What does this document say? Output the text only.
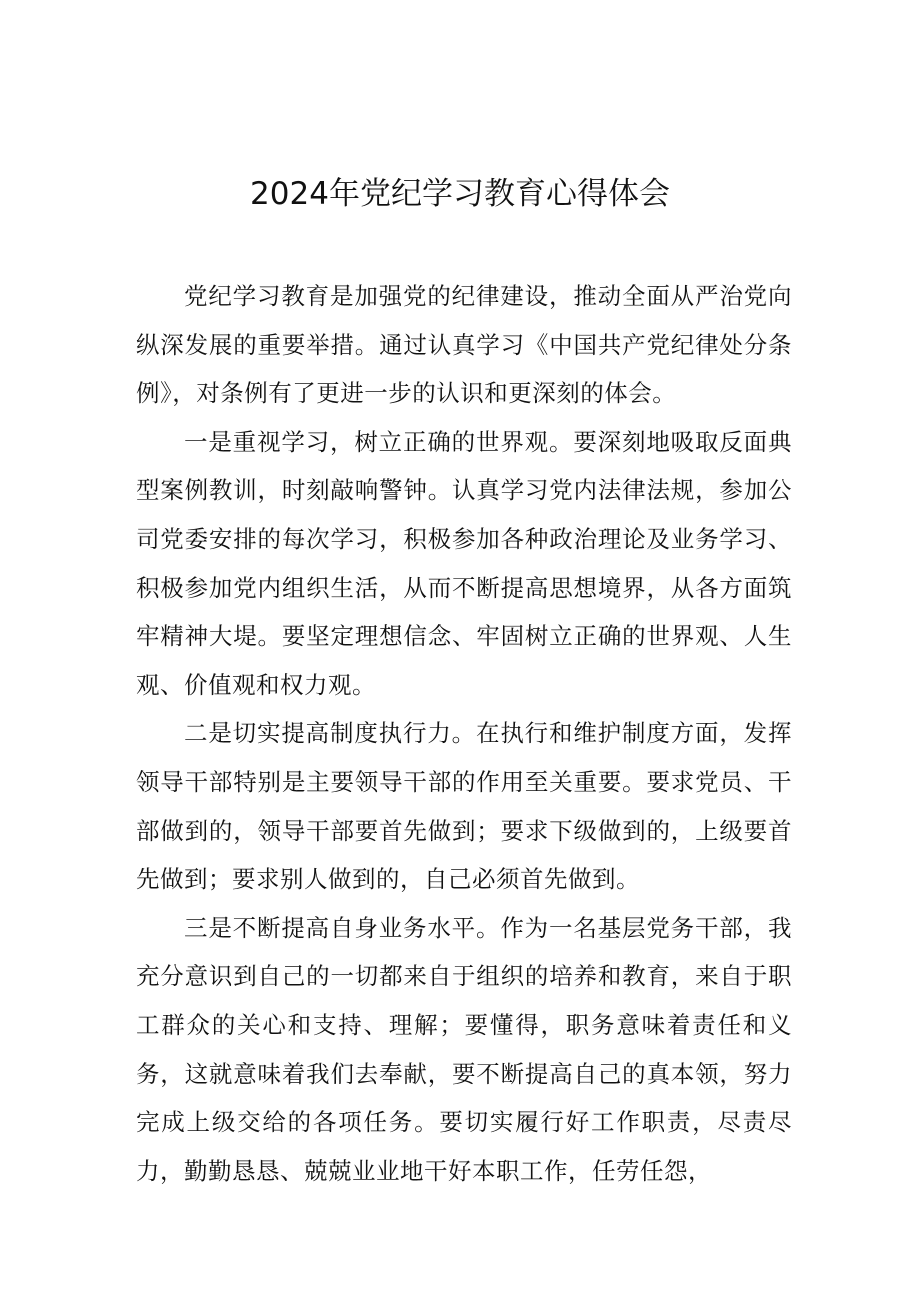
2024年党纪学习教育心得体会

党纪学习教育是加强党的纪律建设，推动全面从严治党向纵深发展的重要举措。通过认真学习《中国共产党纪律处分条例》，对条例有了更进一步的认识和更深刻的体会。

一是重视学习，树立正确的世界观。要深刻地吸取反面典型案例教训，时刻敲响警钟。认真学习党内法律法规，参加公司党委安排的每次学习，积极参加各种政治理论及业务学习、积极参加党内组织生活，从而不断提高思想境界，从各方面筑牢精神大堤。要坚定理想信念、牢固树立正确的世界观、人生观、价值观和权力观。

二是切实提高制度执行力。在执行和维护制度方面，发挥领导干部特别是主要领导干部的作用至关重要。要求党员、干部做到的，领导干部要首先做到；要求下级做到的，上级要首先做到；要求别人做到的，自己必须首先做到。

三是不断提高自身业务水平。作为一名基层党务干部，我充分意识到自己的一切都来自于组织的培养和教育，来自于职工群众的关心和支持、理解；要懂得，职务意味着责任和义务，这就意味着我们去奉献，要不断提高自己的真本领，努力完成上级交给的各项任务。要切实履行好工作职责，尽责尽力，勤勤恳恳、兢兢业业地干好本职工作，任劳任怨，
